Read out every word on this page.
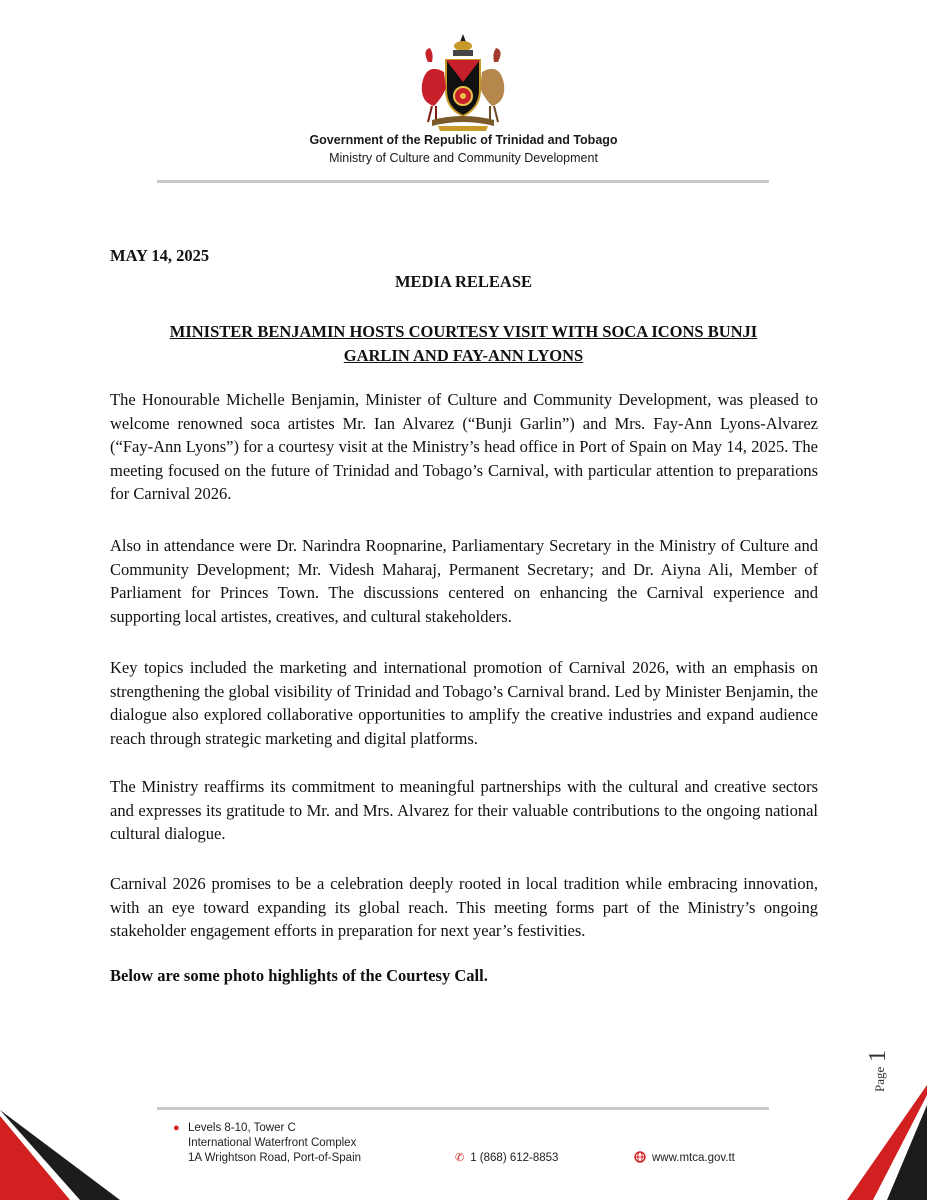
Government of the Republic of Trinidad and Tobago
Ministry of Culture and Community Development
MAY 14, 2025
MEDIA RELEASE
MINISTER BENJAMIN HOSTS COURTESY VISIT WITH SOCA ICONS BUNJI
GARLIN AND FAY-ANN LYONS

The Honourable Michelle Benjamin, Minister of Culture and Community Development, was pleased to welcome renowned soca artistes Mr. Ian Alvarez (“Bunji Garlin”) and Mrs. Fay-Ann Lyons-Alvarez (“Fay-Ann Lyons”) for a courtesy visit at the Ministry’s head office in Port of Spain on May 14, 2025. The meeting focused on the future of Trinidad and Tobago’s Carnival, with particular attention to preparations for Carnival 2026.

Also in attendance were Dr. Narindra Roopnarine, Parliamentary Secretary in the Ministry of Culture and Community Development; Mr. Videsh Maharaj, Permanent Secretary; and Dr. Aiyna Ali, Member of Parliament for Princes Town. The discussions centered on enhancing the Carnival experience and supporting local artistes, creatives, and cultural stakeholders.

Key topics included the marketing and international promotion of Carnival 2026, with an emphasis on strengthening the global visibility of Trinidad and Tobago’s Carnival brand. Led by Minister Benjamin, the dialogue also explored collaborative opportunities to amplify the creative industries and expand audience reach through strategic marketing and digital platforms.

The Ministry reaffirms its commitment to meaningful partnerships with the cultural and creative sectors and expresses its gratitude to Mr. and Mrs. Alvarez for their valuable contributions to the ongoing national cultural dialogue.

Carnival 2026 promises to be a celebration deeply rooted in local tradition while embracing innovation, with an eye toward expanding its global reach. This meeting forms part of the Ministry’s ongoing stakeholder engagement efforts in preparation for next year’s festivities.

Below are some photo highlights of the Courtesy Call.
Page
1
● Levels 8-10, Tower C
International Waterfront Complex
1A Wrightson Road, Port-of-Spain	✆ 1 (868) 612-8853	www.mtca.gov.tt
